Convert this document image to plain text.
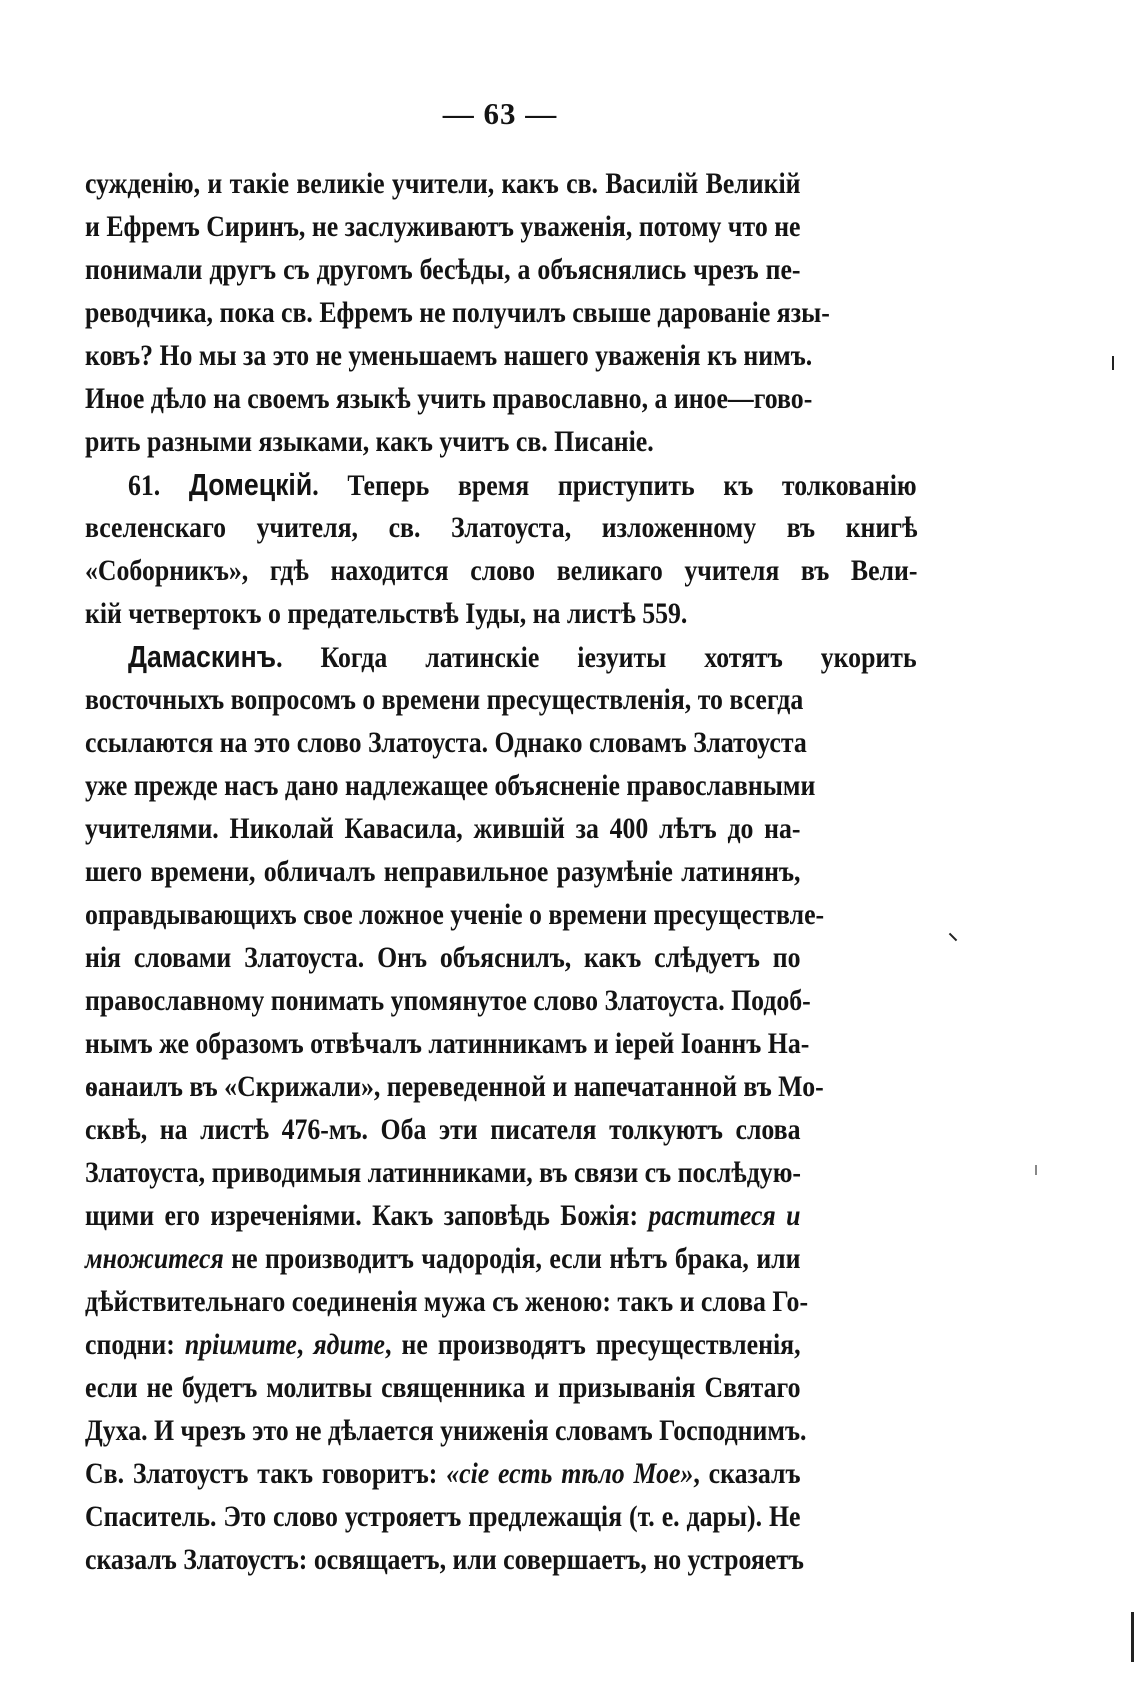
— 63 —

сужденію, и такіе великіе учители, какъ св. Василій Великій

и Ефремъ Сиринъ, не заслуживаютъ уваженія, потому что не

понимали другъ съ другомъ бесѣды, а объяснялись чрезъ пе-

реводчика, пока св. Ефремъ не получилъ свыше дарованіе язы-

ковъ? Но мы за это не уменьшаемъ нашего уваженія къ нимъ.

Иное дѣло на своемъ языкѣ учить православно, а иное—гово-

рить разными языками, какъ учитъ св. Писаніе.

61. Домецкій. Теперь время приступить къ толкованію

вселенскаго учителя, св. Златоуста, изложенному въ книгѣ

«Соборникъ», гдѣ находится слово великаго учителя въ Вели-

кій четвертокъ о предательствѣ Іуды, на листѣ 559.

Дамаскинъ. Когда латинскіе іезуиты хотятъ укорить

восточныхъ вопросомъ о времени пресуществленія, то всегда

ссылаются на это слово Златоуста. Однако словамъ Златоуста

уже прежде насъ дано надлежащее объясненіе православными

учителями. Николай Кавасила, жившій за 400 лѣтъ до на-

шего времени, обличалъ неправильное разумѣніе латинянъ,

оправдывающихъ свое ложное ученіе о времени пресуществле-

нія словами Златоуста. Онъ объяснилъ, какъ слѣдуетъ по

православному понимать упомянутое слово Златоуста. Подоб-

нымъ же образомъ отвѣчалъ латинникамъ и іерей Іоаннъ На-

ѳанаилъ въ «Скрижали», переведенной и напечатанной въ Мо-

сквѣ, на листѣ 476-мъ. Оба эти писателя толкуютъ слова

Златоуста, приводимыя латинниками, въ связи съ послѣдую-

щими его изреченіями. Какъ заповѣдь Божія: раститеся и

множитеся не производитъ чадородія, если нѣтъ брака, или

дѣйствительнаго соединенія мужа съ женою: такъ и слова Го-

сподни: пріимите, ядите, не производятъ пресуществленія,

если не будетъ молитвы священника и призыванія Святаго

Духа. И чрезъ это не дѣлается униженія словамъ Господнимъ.

Св. Златоустъ такъ говоритъ: «сіе есть тѣло Мое», сказалъ

Спаситель. Это слово устрояетъ предлежащія (т. е. дары). Не

сказалъ Златоустъ: освящаетъ, или совершаетъ, но устрояетъ
